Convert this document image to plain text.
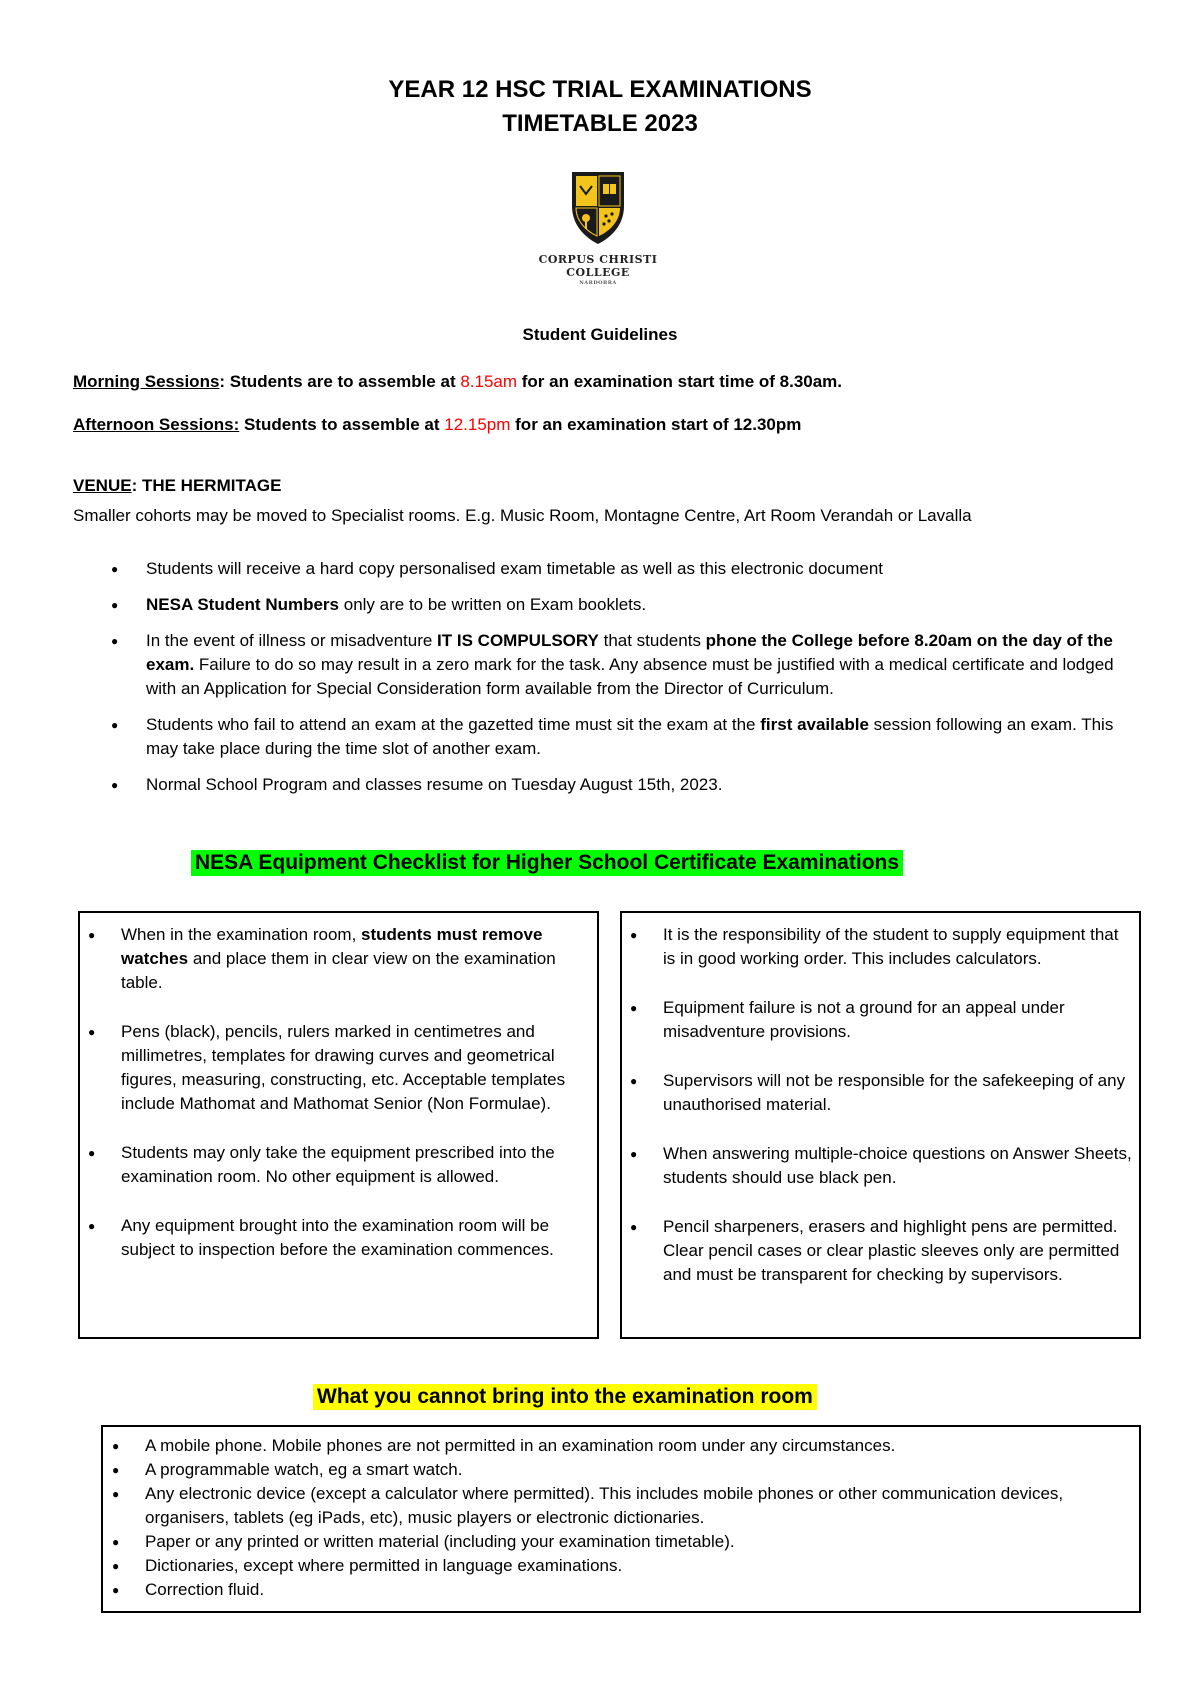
YEAR 12 HSC TRIAL EXAMINATIONS
TIMETABLE 2023
CORPUS CHRISTI
COLLEGE
NARDOBRA
Student Guidelines
Morning Sessions: Students are to assemble at 8.15am for an examination start time of 8.30am.
Afternoon Sessions: Students to assemble at 12.15pm for an examination start of 12.30pm
VENUE: THE HERMITAGE
Smaller cohorts may be moved to Specialist rooms. E.g. Music Room, Montagne Centre, Art Room Verandah or Lavalla
● Students will receive a hard copy personalised exam timetable as well as this electronic document
● NESA Student Numbers only are to be written on Exam booklets.
● In the event of illness or misadventure IT IS COMPULSORY that students phone the College before 8.20am on the day of the exam. Failure to do so may result in a zero mark for the task. Any absence must be justified with a medical certificate and lodged with an Application for Special Consideration form available from the Director of Curriculum.
● Students who fail to attend an exam at the gazetted time must sit the exam at the first available session following an exam. This may take place during the time slot of another exam.
● Normal School Program and classes resume on Tuesday August 15th, 2023.
NESA Equipment Checklist for Higher School Certificate Examinations
● When in the examination room, students must remove watches and place them in clear view on the examination table.
● Pens (black), pencils, rulers marked in centimetres and millimetres, templates for drawing curves and geometrical figures, measuring, constructing, etc. Acceptable templates include Mathomat and Mathomat Senior (Non Formulae).
● Students may only take the equipment prescribed into the examination room. No other equipment is allowed.
● Any equipment brought into the examination room will be subject to inspection before the examination commences.
● It is the responsibility of the student to supply equipment that is in good working order. This includes calculators.
● Equipment failure is not a ground for an appeal under misadventure provisions.
● Supervisors will not be responsible for the safekeeping of any unauthorised material.
● When answering multiple-choice questions on Answer Sheets, students should use black pen.
● Pencil sharpeners, erasers and highlight pens are permitted. Clear pencil cases or clear plastic sleeves only are permitted and must be transparent for checking by supervisors.
What you cannot bring into the examination room
● A mobile phone. Mobile phones are not permitted in an examination room under any circumstances.
● A programmable watch, eg a smart watch.
● Any electronic device (except a calculator where permitted). This includes mobile phones or other communication devices, organisers, tablets (eg iPads, etc), music players or electronic dictionaries.
● Paper or any printed or written material (including your examination timetable).
● Dictionaries, except where permitted in language examinations.
● Correction fluid.
